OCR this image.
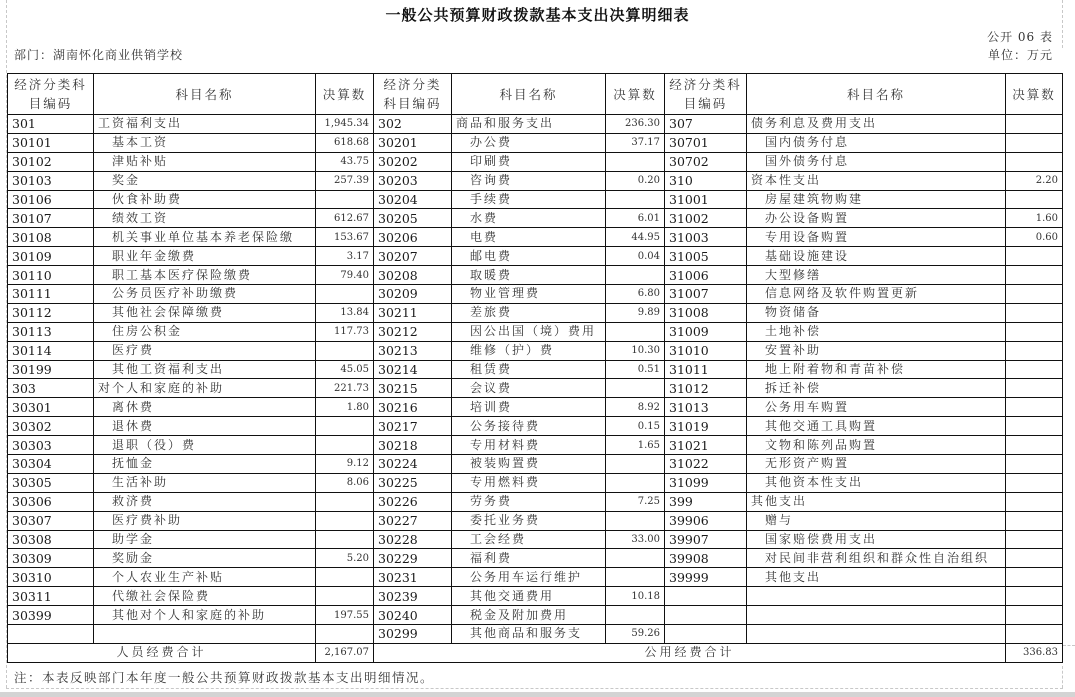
一般公共预算财政拨款基本支出决算明细表
公开 06 表
部门：湖南怀化商业供销学校	单位：万元
经济分类科目编码	科目名称	决算数	经济分类科目编码	科目名称	决算数	经济分类科目编码	科目名称	决算数
301	工资福利支出	1,945.34	302	商品和服务支出	236.30	307	债务利息及费用支出	
30101	基本工资	618.68	30201	办公费	37.17	30701	国内债务付息	
30102	津贴补贴	43.75	30202	印刷费		30702	国外债务付息	
30103	奖金	257.39	30203	咨询费	0.20	310	资本性支出	2.20
30106	伙食补助费		30204	手续费		31001	房屋建筑物购建	
30107	绩效工资	612.67	30205	水费	6.01	31002	办公设备购置	1.60
30108	机关事业单位基本养老保险缴	153.67	30206	电费	44.95	31003	专用设备购置	0.60
30109	职业年金缴费	3.17	30207	邮电费	0.04	31005	基础设施建设	
30110	职工基本医疗保险缴费	79.40	30208	取暖费		31006	大型修缮	
30111	公务员医疗补助缴费		30209	物业管理费	6.80	31007	信息网络及软件购置更新	
30112	其他社会保障缴费	13.84	30211	差旅费	9.89	31008	物资储备	
30113	住房公积金	117.73	30212	因公出国（境）费用		31009	土地补偿	
30114	医疗费		30213	维修（护）费	10.30	31010	安置补助	
30199	其他工资福利支出	45.05	30214	租赁费	0.51	31011	地上附着物和青苗补偿	
303	对个人和家庭的补助	221.73	30215	会议费		31012	拆迁补偿	
30301	离休费	1.80	30216	培训费	8.92	31013	公务用车购置	
30302	退休费		30217	公务接待费	0.15	31019	其他交通工具购置	
30303	退职（役）费		30218	专用材料费	1.65	31021	文物和陈列品购置	
30304	抚恤金	9.12	30224	被装购置费		31022	无形资产购置	
30305	生活补助	8.06	30225	专用燃料费		31099	其他资本性支出	
30306	救济费		30226	劳务费	7.25	399	其他支出	
30307	医疗费补助		30227	委托业务费		39906	赠与	
30308	助学金		30228	工会经费	33.00	39907	国家赔偿费用支出	
30309	奖励金	5.20	30229	福利费		39908	对民间非营利组织和群众性自治组织	
30310	个人农业生产补贴		30231	公务用车运行维护		39999	其他支出	
30311	代缴社会保险费		30239	其他交通费用	10.18			
30399	其他对个人和家庭的补助	197.55	30240	税金及附加费用				
			30299	其他商品和服务支	59.26			
人员经费合计		2,167.07	公用经费合计					336.83
注：本表反映部门本年度一般公共预算财政拨款基本支出明细情况。
